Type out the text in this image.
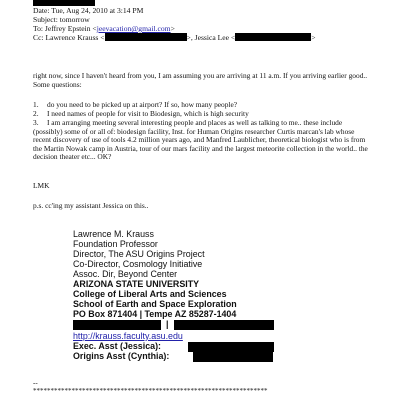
Date: Tue, Aug 24, 2010 at 3:14 PM
Subject: tomorrow
To: Jeffrey Epstein <jeevacation@gmail.com>
Cc: Lawrence Krauss <	>, Jessica Lee <	>

right now, since I haven't heard from you, I am assuming you are arriving at 11 a.m. If you arriving earlier good.. Some questions:

1. do you need to be picked up at airport? If so, how many people?
2. I need names of people for visit to Biodesign, which is high security
3. I am arranging meeting several interesting people and places as well as talking to me.. these include (possibly) some of or all of: biodesign facility, Inst. for Human Origins researcher Curtis marcan's lab whose recent discovery of use of tools 4.2 million years ago, and Manfred Laublicher, theoretical biologist who is from the Martin Nowak camp in Austria, tour of our mars facility and the largest meteorite collection in the world.. the decision theater etc... OK?
LMK
p.s. cc'ing my assistant Jessica on this..
Lawrence M. Krauss
Foundation Professor
Director, The ASU Origins Project
Co-Director, Cosmology Initiative
Assoc. Dir, Beyond Center
ARIZONA STATE UNIVERSITY
College of Liberal Arts and Sciences
School of Earth and Space Exploration
PO Box 871404 | Tempe AZ 85287-1404
|
http://krauss.faculty.asu.edu
Exec. Asst (Jessica):
Origins Asst (Cynthia):
--
*******************************************************************
